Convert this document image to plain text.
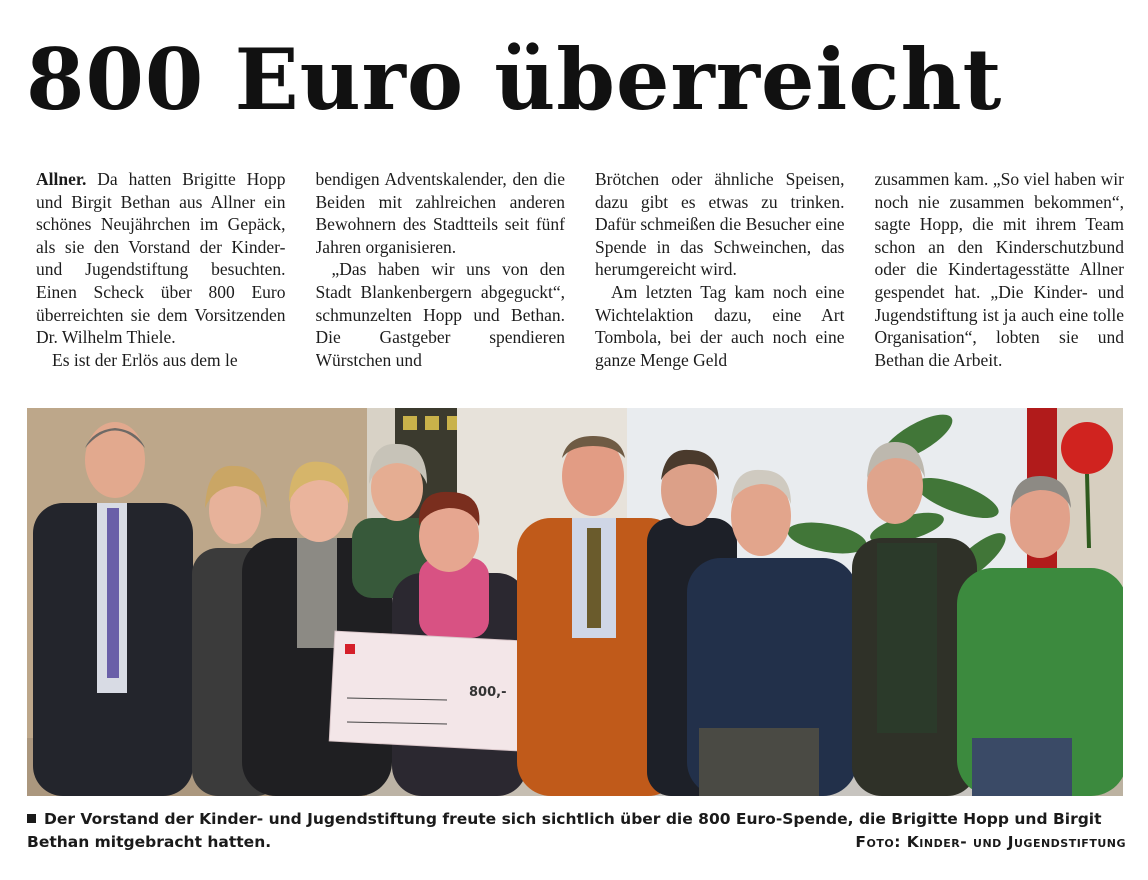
800 Euro überreicht

Allner. Da hatten Brigitte Hopp und Birgit Bethan aus Allner ein schönes Neujährchen im Gepäck, als sie den Vorstand der Kinder- und Jugendstiftung besuchten. Einen Scheck über 800 Euro überreichten sie dem Vorsitzenden Dr. Wilhelm Thiele.

Es ist der Erlös aus dem le

bendigen Adventskalender, den die Beiden mit zahlreichen anderen Bewohnern des Stadtteils seit fünf Jahren organisieren.

„Das haben wir uns von den Stadt Blankenbergern abgeguckt“, schmunzelten Hopp und Bethan. Die Gastgeber spendieren Würstchen und

Brötchen oder ähnliche Speisen, dazu gibt es etwas zu trinken. Dafür schmeißen die Besucher eine Spende in das Schweinchen, das herumgereicht wird.

Am letzten Tag kam noch eine Wichtelaktion dazu, eine Art Tombola, bei der auch noch eine ganze Menge Geld

zusammen kam. „So viel haben wir noch nie zusammen bekommen“, sagte Hopp, die mit ihrem Team schon an den Kinderschutzbund oder die Kindertagesstätte Allner gespendet hat. „Die Kinder- und Jugendstiftung ist ja auch eine tolle Organisation“, lobten sie und Bethan die Arbeit.

800,-
Der Vorstand der Kinder- und Jugendstiftung freute sich sichtlich über die 800 Euro-Spende, die Brigitte Hopp und Birgit Bethan mitgebracht hatten.	Foto: Kinder- und Jugendstiftung
